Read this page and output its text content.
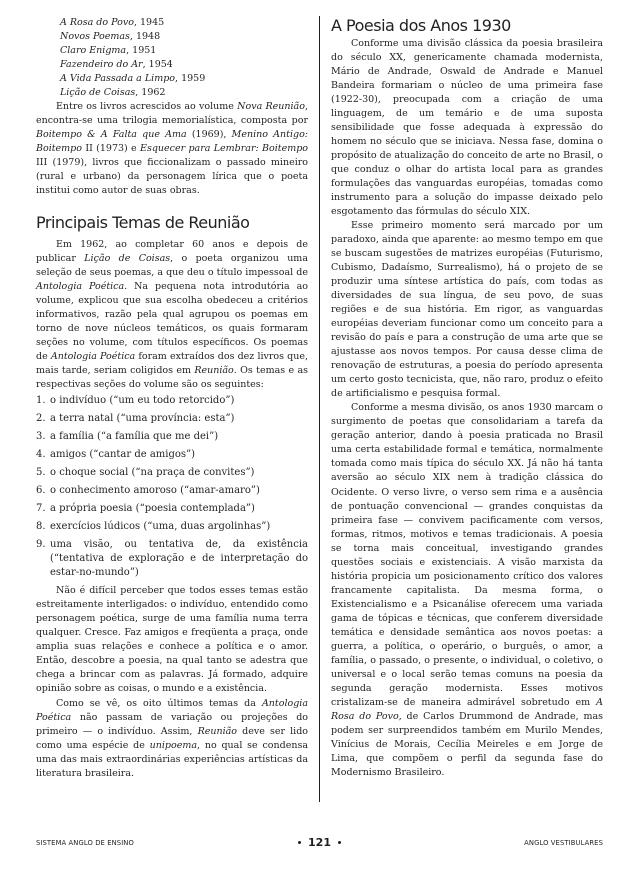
A Rosa do Povo, 1945
Novos Poemas, 1948
Claro Enigma, 1951
Fazendeiro do Ar, 1954
A Vida Passada a Limpo, 1959
Lição de Coisas, 1962

Entre os livros acrescidos ao volume Nova Reunião, encontra-se uma trilogia memorialística, composta por Boitempo & A Falta que Ama (1969), Menino Antigo: Boitempo II (1973) e Esquecer para Lembrar: Boitempo III (1979), livros que ficcionalizam o passado mineiro (rural e urbano) da personagem lírica que o poeta institui como autor de suas obras.

Principais Temas de Reunião

Em 1962, ao completar 60 anos e depois de publicar Lição de Coisas, o poeta organizou uma seleção de seus poemas, a que deu o título impessoal de Antologia Poética. Na pequena nota introdutória ao volume, explicou que sua escolha obedeceu a critérios informativos, razão pela qual agrupou os poemas em torno de nove núcleos temáticos, os quais formaram seções no volume, com títulos específicos. Os poemas de Antologia Poética foram extraídos dos dez livros que, mais tarde, seriam coligidos em Reunião. Os temas e as respectivas seções do volume são os seguintes:

1. o indivíduo (“um eu todo retorcido”)
2. a terra natal (“uma província: esta”)
3. a família (“a família que me dei”)
4. amigos (“cantar de amigos”)
5. o choque social (“na praça de convites”)
6. o conhecimento amoroso (“amar-amaro”)
7. a própria poesia (“poesia contemplada”)
8. exercícios lúdicos (“uma, duas argolinhas”)
9. uma visão, ou tentativa de, da existência (“tentativa de exploração e de interpretação do estar-no-mundo”)

Não é difícil perceber que todos esses temas estão estreitamente interligados: o indivíduo, entendido como personagem poética, surge de uma família numa terra qualquer. Cresce. Faz amigos e freqüenta a praça, onde amplia suas relações e conhece a política e o amor. Então, descobre a poesia, na qual tanto se adestra que chega a brincar com as palavras. Já formado, adquire opinião sobre as coisas, o mundo e a existência.

Como se vê, os oito últimos temas da Antologia Poética não passam de variação ou projeções do primeiro — o indivíduo. Assim, Reunião deve ser lido como uma espécie de unipoema, no qual se condensa uma das mais extraordinárias experiências artísticas da literatura brasileira.

A Poesia dos Anos 1930

Conforme uma divisão clássica da poesia brasileira do século XX, genericamente chamada modernista, Mário de Andrade, Oswald de Andrade e Manuel Bandeira formariam o núcleo de uma primeira fase (1922-30), preocupada com a criação de uma linguagem, de um temário e de uma suposta sensibilidade que fosse adequada à expressão do homem no século que se iniciava. Nessa fase, domina o propósito de atualização do conceito de arte no Brasil, o que conduz o olhar do artista local para as grandes formulações das vanguardas européias, tomadas como instrumento para a solução do impasse deixado pelo esgotamento das fórmulas do século XIX.

Esse primeiro momento será marcado por um paradoxo, ainda que aparente: ao mesmo tempo em que se buscam sugestões de matrizes européias (Futurismo, Cubismo, Dadaísmo, Surrealismo), há o projeto de se produzir uma síntese artística do país, com todas as diversidades de sua língua, de seu povo, de suas regiões e de sua história. Em rigor, as vanguardas européias deveriam funcionar como um conceito para a revisão do país e para a construção de uma arte que se ajustasse aos novos tempos. Por causa desse clima de renovação de estruturas, a poesia do período apresenta um certo gosto tecnicista, que, não raro, produz o efeito de artificialismo e pesquisa formal.

Conforme a mesma divisão, os anos 1930 marcam o surgimento de poetas que consolidariam a tarefa da geração anterior, dando à poesia praticada no Brasil uma certa estabilidade formal e temática, normalmente tomada como mais típica do século XX. Já não há tanta aversão ao século XIX nem à tradição clássica do Ocidente. O verso livre, o verso sem rima e a ausência de pontuação convencional — grandes conquistas da primeira fase — convivem pacificamente com versos, formas, ritmos, motivos e temas tradicionais. A poesia se torna mais conceitual, investigando grandes questões sociais e existenciais. A visão marxista da história propicia um posicionamento crítico dos valores francamente capitalista. Da mesma forma, o Existencialismo e a Psicanálise oferecem uma variada gama de tópicas e técnicas, que conferem diversidade temática e densidade semântica aos novos poetas: a guerra, a política, o operário, o burguês, o amor, a família, o passado, o presente, o individual, o coletivo, o universal e o local serão temas comuns na poesia da segunda geração modernista. Esses motivos cristalizam-se de maneira admirável sobretudo em A Rosa do Povo, de Carlos Drummond de Andrade, mas podem ser surpreendidos também em Murilo Mendes, Vinícius de Morais, Cecília Meireles e em Jorge de Lima, que compõem o perfil da segunda fase do Modernismo Brasileiro.

SISTEMA ANGLO DE ENSINO	121	ANGLO VESTIBULARES
